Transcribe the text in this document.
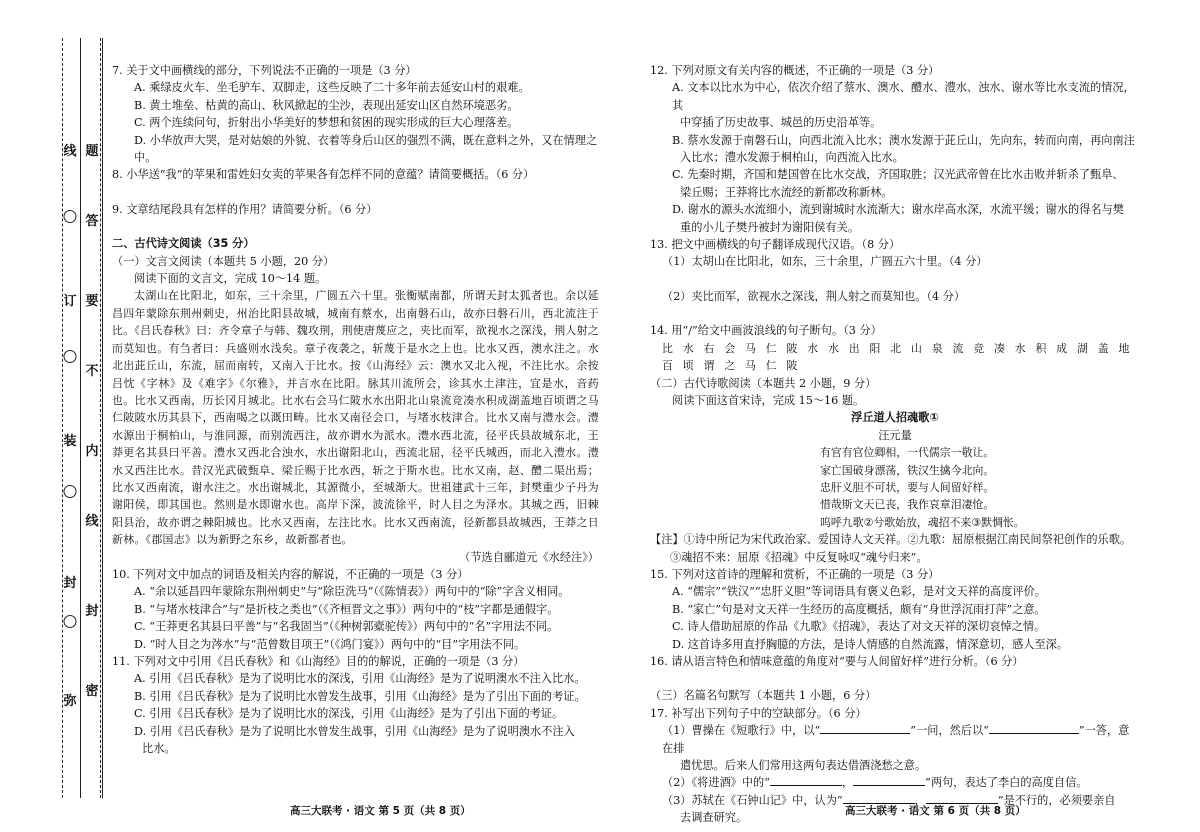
线
订
装
封
弥
题
答
要
不
内
线
封
密

7. 关于文中画横线的部分，下列说法不正确的一项是（3 分）

A. 乘绿皮火车、坐毛驴车、双脚走，这些反映了二十多年前去延安山村的艰难。

B. 黄土堆垒、枯黄的高山、秋风掀起的尘沙，表现出延安山区自然环境恶劣。

C. 两个连续问句，折射出小华美好的梦想和贫困的现实形成的巨大心理落差。

D. 小华放声大哭，是对姑娘的外貌、衣着等身后山区的强烈不满，既在意料之外，又在情理之中。

8. 小华送“我”的苹果和雷姓妇女卖的苹果各有怎样不同的意蕴？请简要概括。（6 分）

9. 文章结尾段具有怎样的作用？请简要分析。（6 分）

二、古代诗文阅读（35 分）

（一）文言文阅读（本题共 5 小题，20 分）

阅读下面的文言文，完成 10～14 题。

太湖山在比阳北，如东，三十余里，广圆五六十里。张衡赋南都，所谓天封太狐者也。余以延昌四年蒙除东荆州刺史，州治比阳县故城，城南有蔡水，出南磐石山，故亦曰磐石川，西北流注于比。《吕氏春秋》曰：齐令章子与韩、魏攻荆，荆使唐蔑应之，夹比而军，欲视水之深浅，荆人射之而莫知也。有刍者曰：兵盛则水浅矣。章子夜袭之，斩蔑于是水之上也。比水又西，澳水注之。水北出茈丘山，东流，屈而南转，又南入于比水。按《山海经》云：澳水又北入视，不注比水。余按吕忱《字林》及《难字》《尔雅》，并言水在比阳。脉其川流所会，诊其水土津注，宜是水，音药也。比水又西南，历长冈月城北。比水右会马仁陂水水出阳北山泉流竞凑水积成湖盖地百顷谓之马仁陂陂水历其县下，西南喝之以溉田畴。比水又南径会口，与堵水枝津合。比水又南与澧水会。澧水源出于桐柏山，与淮同源，而别流西注，故亦谓水为派水。澧水西北流，径平氏县故城东北，王莽更名其县曰平善。澧水又西北合浊水，水出谢阳北山，西流北屈，径平氏城西，而北入澧水。澧水又西注比水。昔汉光武破甄阜、梁丘赐于比水西，斩之于斯水也。比水又南，赵、醴二渠出焉；比水又西南流，谢水注之。水出谢城北，其源微小，至城渐大。世祖建武十三年，封樊重少子丹为谢阳侯，即其国也。然则是水即谢水也。高岸下深，波流徐平，时人目之为泽水。其城之西，旧棘阳县治，故亦谓之棘阳城也。比水又西南，左注比水。比水又西南流，径新都县故城西，王莽之日新林。《郡国志》以为新野之东乡，故新都者也。

（节选自郦道元《水经注》）

10. 下列对文中加点的词语及相关内容的解说，不正确的一项是（3 分）

A. “余以延昌四年蒙除东荆州刺史”与“除臣洗马”（《陈情表》）两句中的“除”字含义相同。

B. “与堵水枝津合”与“是折枝之类也”（《齐桓晋文之事》）两句中的“枝”字都是通假字。

C. “王莽更名其县曰平善”与“名我固当”（《种树郭橐驼传》）两句中的“名”字用法不同。

D. “时人目之为涔水”与“范曾数目项王”（《鸿门宴》）两句中的“目”字用法不同。

11. 下列对文中引用《吕氏春秋》和《山海经》目的的解说，正确的一项是（3 分）

A. 引用《吕氏春秋》是为了说明比水的深浅，引用《山海经》是为了说明澳水不注入比水。

B. 引用《吕氏春秋》是为了说明比水曾发生战事，引用《山海经》是为了引出下面的考证。

C. 引用《吕氏春秋》是为了说明比水的深浅，引用《山海经》是为了引出下面的考证。

D. 引用《吕氏春秋》是为了说明比水曾发生战事，引用《山海经》是为了说明澳水不注入

比水。

12. 下列对原文有关内容的概述，不正确的一项是（3 分）

A. 文本以比水为中心，依次介绍了蔡水、澳水、醴水、澧水、浊水、谢水等比水支流的情况，其

中穿插了历史故事、城邑的历史沿革等。

B. 蔡水发源于南磐石山，向西北流入比水；澳水发源于茈丘山，先向东，转而向南，再向南注

入比水；澧水发源于桐柏山，向西流入比水。

C. 先秦时期，齐国和楚国曾在比水交战，齐国取胜；汉光武帝曾在比水击败并斩杀了甄阜、

梁丘赐；王莽将比水流经的新都改称新林。

D. 谢水的源头水流细小，流到谢城时水流渐大；谢水岸高水深，水流平缓；谢水的得名与樊

重的小儿子樊丹被封为谢阳侯有关。

13. 把文中画横线的句子翻译成现代汉语。（8 分）

（1）太胡山在比阳北，如东，三十余里，广圆五六十里。（4 分）

（2）夹比而军，欲视水之深浅，荆人射之而莫知也。（4 分）

14. 用“/”给文中画波浪线的句子断句。（3 分）

比 水 右 会 马 仁 陂 水 水 出 阳 北 山 泉 流 竞 凑 水 积 成 湖 盖 地 百 顷 谓 之 马 仁 陂

（二）古代诗歌阅读（本题共 2 小题，9 分）

阅读下面这首宋诗，完成 15～16 题。

浮丘道人招魂歌①

汪元量

有官有官位卿相，一代儒宗一敬让。

家亡国破身漂荡，铁汉生擒今北向。

忠肝义胆不可状，要与人间留好样。

惜哉斯文天已丧，我作哀章泪凄怆。

呜呼九歌②兮歌始放，魂招不来③默惆怅。

【注】①诗中所记为宋代政治家、爱国诗人文天祥。②九歌：屈原根据江南民间祭祀创作的乐歌。③魂招不来：屈原《招魂》中反复咏叹“魂兮归来”。

15. 下列对这首诗的理解和赏析，不正确的一项是（3 分）

A. “儒宗”“铁汉”“忠肝义胆”等词语具有褒义色彩，是对文天祥的高度评价。

B. “家亡”句是对文天祥一生经历的高度概括，颇有“身世浮沉雨打萍”之意。

C. 诗人借助屈原的作品《九歌》《招魂》，表达了对文天祥的深切哀悼之情。

D. 这首诗多用直抒胸臆的方法，是诗人情感的自然流露，情深意切，感人至深。

16. 请从语言特色和情味意蕴的角度对“要与人间留好样”进行分析。（6 分）

（三）名篇名句默写（本题共 1 小题，6 分）

17. 补写出下列句子中的空缺部分。（6 分）

（1）曹操在《短歌行》中，以“	”一问，然后以“	”一答，意在排

遣忧思。后来人们常用这两句表达借酒浇愁之意。

（2）《将进酒》中的“	，	”两句，表达了李白的高度自信。

（3）苏轼在《石钟山记》中，认为“	，	”是不行的，必须要亲自

去调查研究。

高三大联考 · 语文 第 5 页（共 8 页）	高三大联考 · 语文 第 6 页（共 8 页）
